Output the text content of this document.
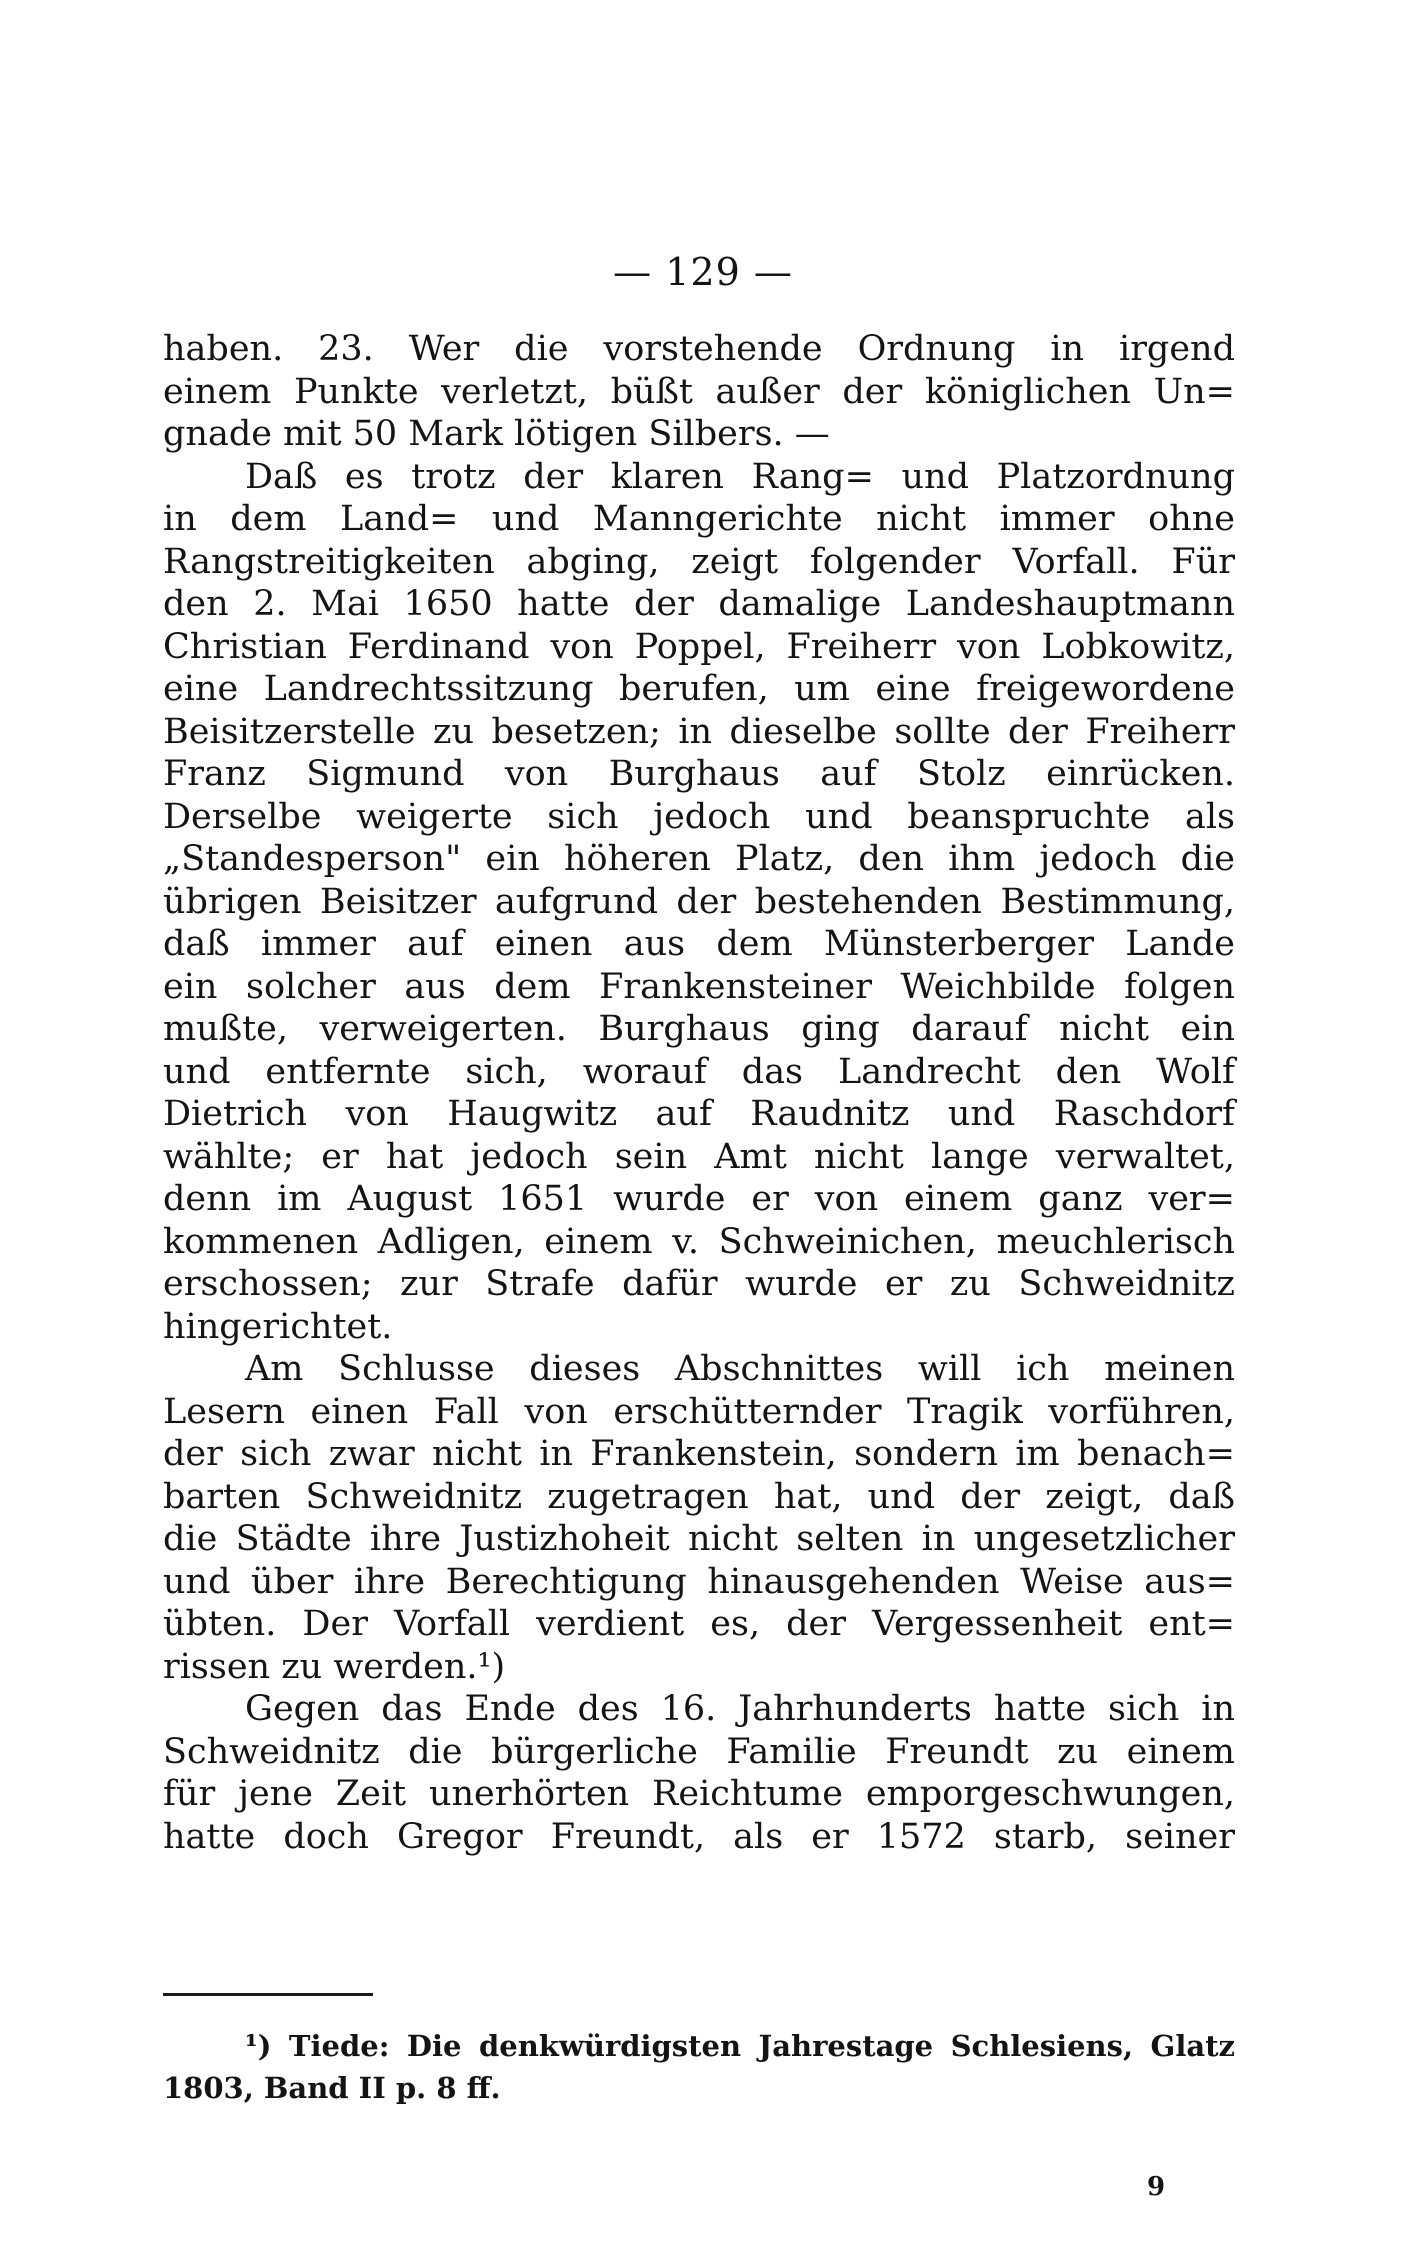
— 129 —
haben. 23. Wer die vorstehende Ordnung in irgend
einem Punkte verletzt, büßt außer der königlichen Un=
gnade mit 50 Mark lötigen Silbers. —
Daß es trotz der klaren Rang= und Platzordnung
in dem Land= und Manngerichte nicht immer ohne
Rangstreitigkeiten abging, zeigt folgender Vorfall. Für
den 2. Mai 1650 hatte der damalige Landeshauptmann
Christian Ferdinand von Poppel, Freiherr von Lobkowitz,
eine Landrechtssitzung berufen, um eine freigewordene
Beisitzerstelle zu besetzen; in dieselbe sollte der Freiherr
Franz Sigmund von Burghaus auf Stolz einrücken.
Derselbe weigerte sich jedoch und beanspruchte als
„Standesperson" ein höheren Platz, den ihm jedoch die
übrigen Beisitzer aufgrund der bestehenden Bestimmung,
daß immer auf einen aus dem Münsterberger Lande
ein solcher aus dem Frankensteiner Weichbilde folgen
mußte, verweigerten. Burghaus ging darauf nicht ein
und entfernte sich, worauf das Landrecht den Wolf
Dietrich von Haugwitz auf Raudnitz und Raschdorf
wählte; er hat jedoch sein Amt nicht lange verwaltet,
denn im August 1651 wurde er von einem ganz ver=
kommenen Adligen, einem v. Schweinichen, meuchlerisch
erschossen; zur Strafe dafür wurde er zu Schweidnitz
hingerichtet.
Am Schlusse dieses Abschnittes will ich meinen
Lesern einen Fall von erschütternder Tragik vorführen,
der sich zwar nicht in Frankenstein, sondern im benach=
barten Schweidnitz zugetragen hat, und der zeigt, daß
die Städte ihre Justizhoheit nicht selten in ungesetzlicher
und über ihre Berechtigung hinausgehenden Weise aus=
übten. Der Vorfall verdient es, der Vergessenheit ent=
rissen zu werden.¹)
Gegen das Ende des 16. Jahrhunderts hatte sich in
Schweidnitz die bürgerliche Familie Freundt zu einem
für jene Zeit unerhörten Reichtume emporgeschwungen,
hatte doch Gregor Freundt, als er 1572 starb, seiner
¹) Tiede: Die denkwürdigsten Jahrestage Schlesiens, Glatz
1803, Band II p. 8 ff.
9
